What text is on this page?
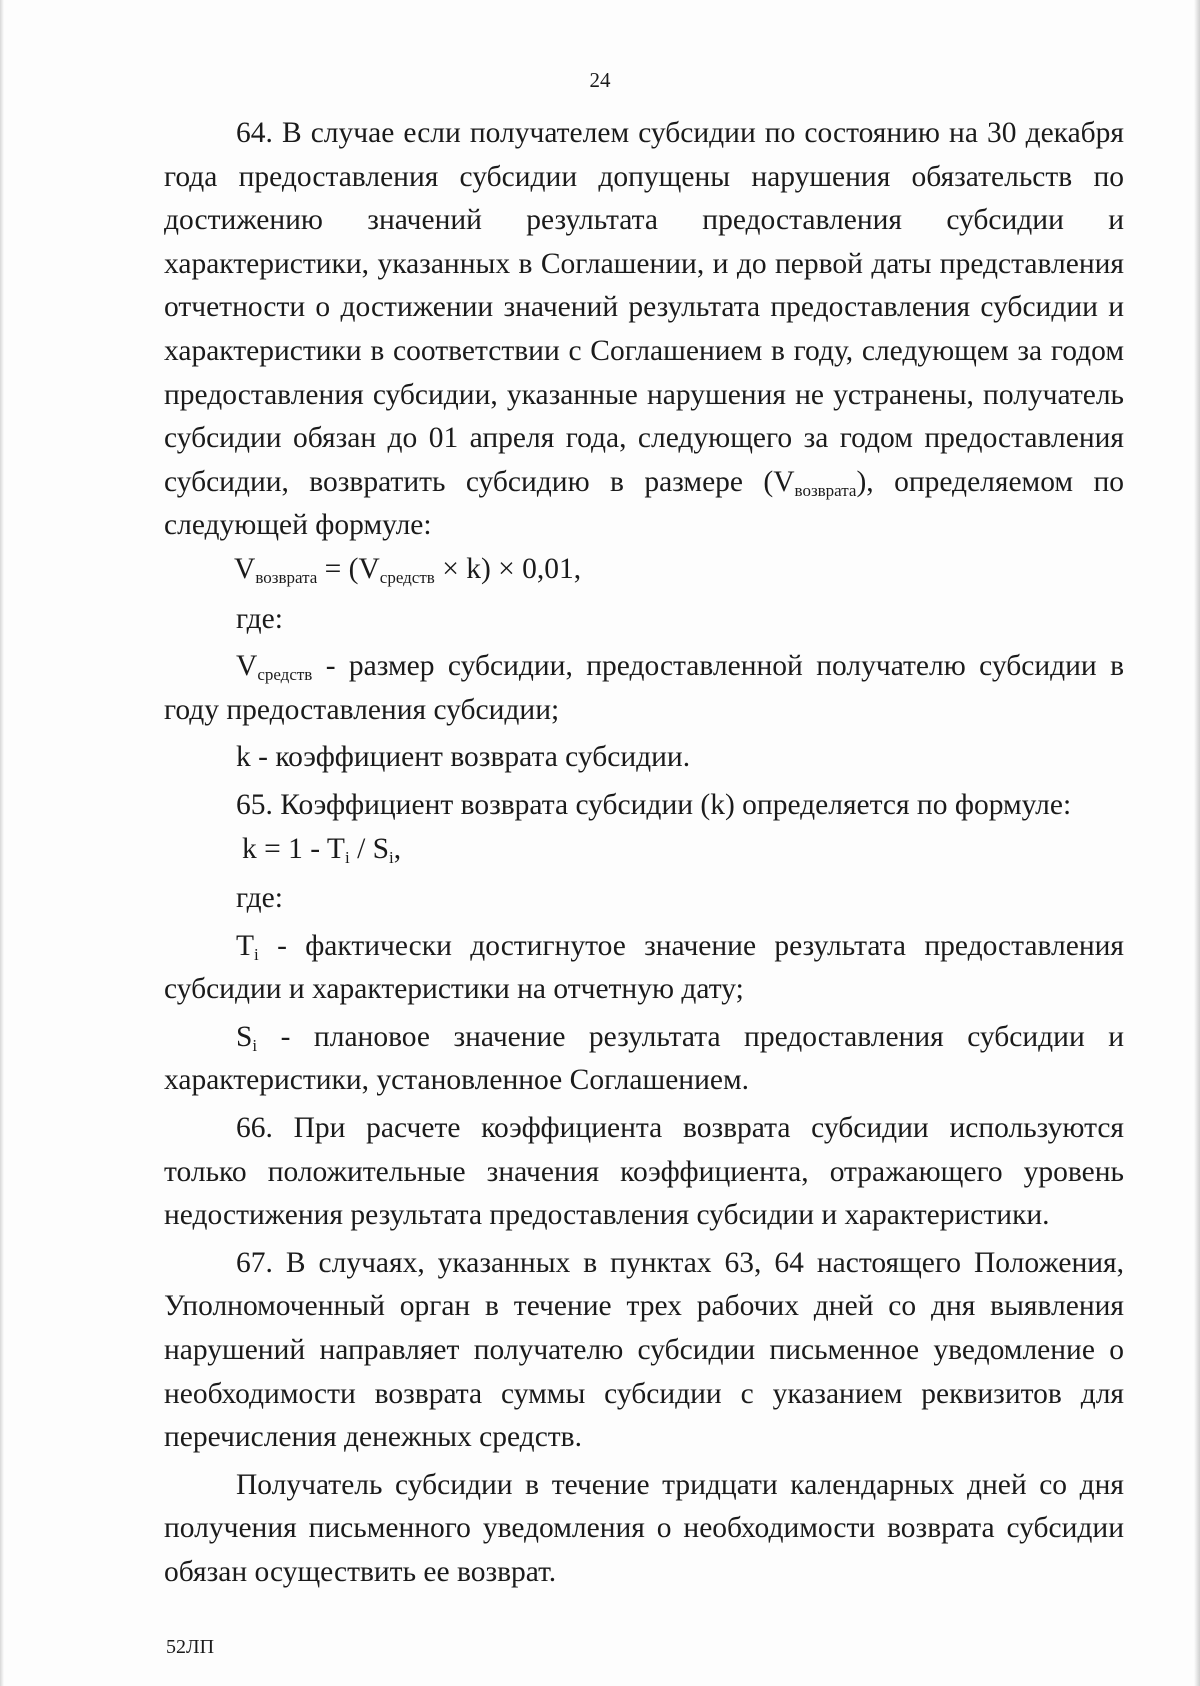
24

64. В случае если получателем субсидии по состоянию на 30 декабря года предоставления субсидии допущены нарушения обязательств по достижению значений результата предоставления субсидии и характеристики, указанных в Соглашении, и до первой даты представления отчетности о достижении значений результата предоставления субсидии и характеристики в соответствии с Соглашением в году, следующем за годом предоставления субсидии, указанные нарушения не устранены, получатель субсидии обязан до 01 апреля года, следующего за годом предоставления субсидии, возвратить субсидию в размере $(V_{возврата})$, определяемом по следующей формуле:

$V_{возврата} = (V_{средств} \times k) \times 0,01$,

где:

$V_{средств}$ - размер субсидии, предоставленной получателю субсидии в году предоставления субсидии;

k - коэффициент возврата субсидии.

65. Коэффициент возврата субсидии (k) определяется по формуле:

$k = 1 - T_i / S_i$,

где:

$T_i$ - фактически достигнутое значение результата предоставления субсидии и характеристики на отчетную дату;

$S_i$ - плановое значение результата предоставления субсидии и характеристики, установленное Соглашением.

66. При расчете коэффициента возврата субсидии используются только положительные значения коэффициента, отражающего уровень недостижения результата предоставления субсидии и характеристики.

67. В случаях, указанных в пунктах 63, 64 настоящего Положения, Уполномоченный орган в течение трех рабочих дней со дня выявления нарушений направляет получателю субсидии письменное уведомление о необходимости возврата суммы субсидии с указанием реквизитов для перечисления денежных средств.

Получатель субсидии в течение тридцати календарных дней со дня получения письменного уведомления о необходимости возврата субсидии обязан осуществить ее возврат.

52ЛП
